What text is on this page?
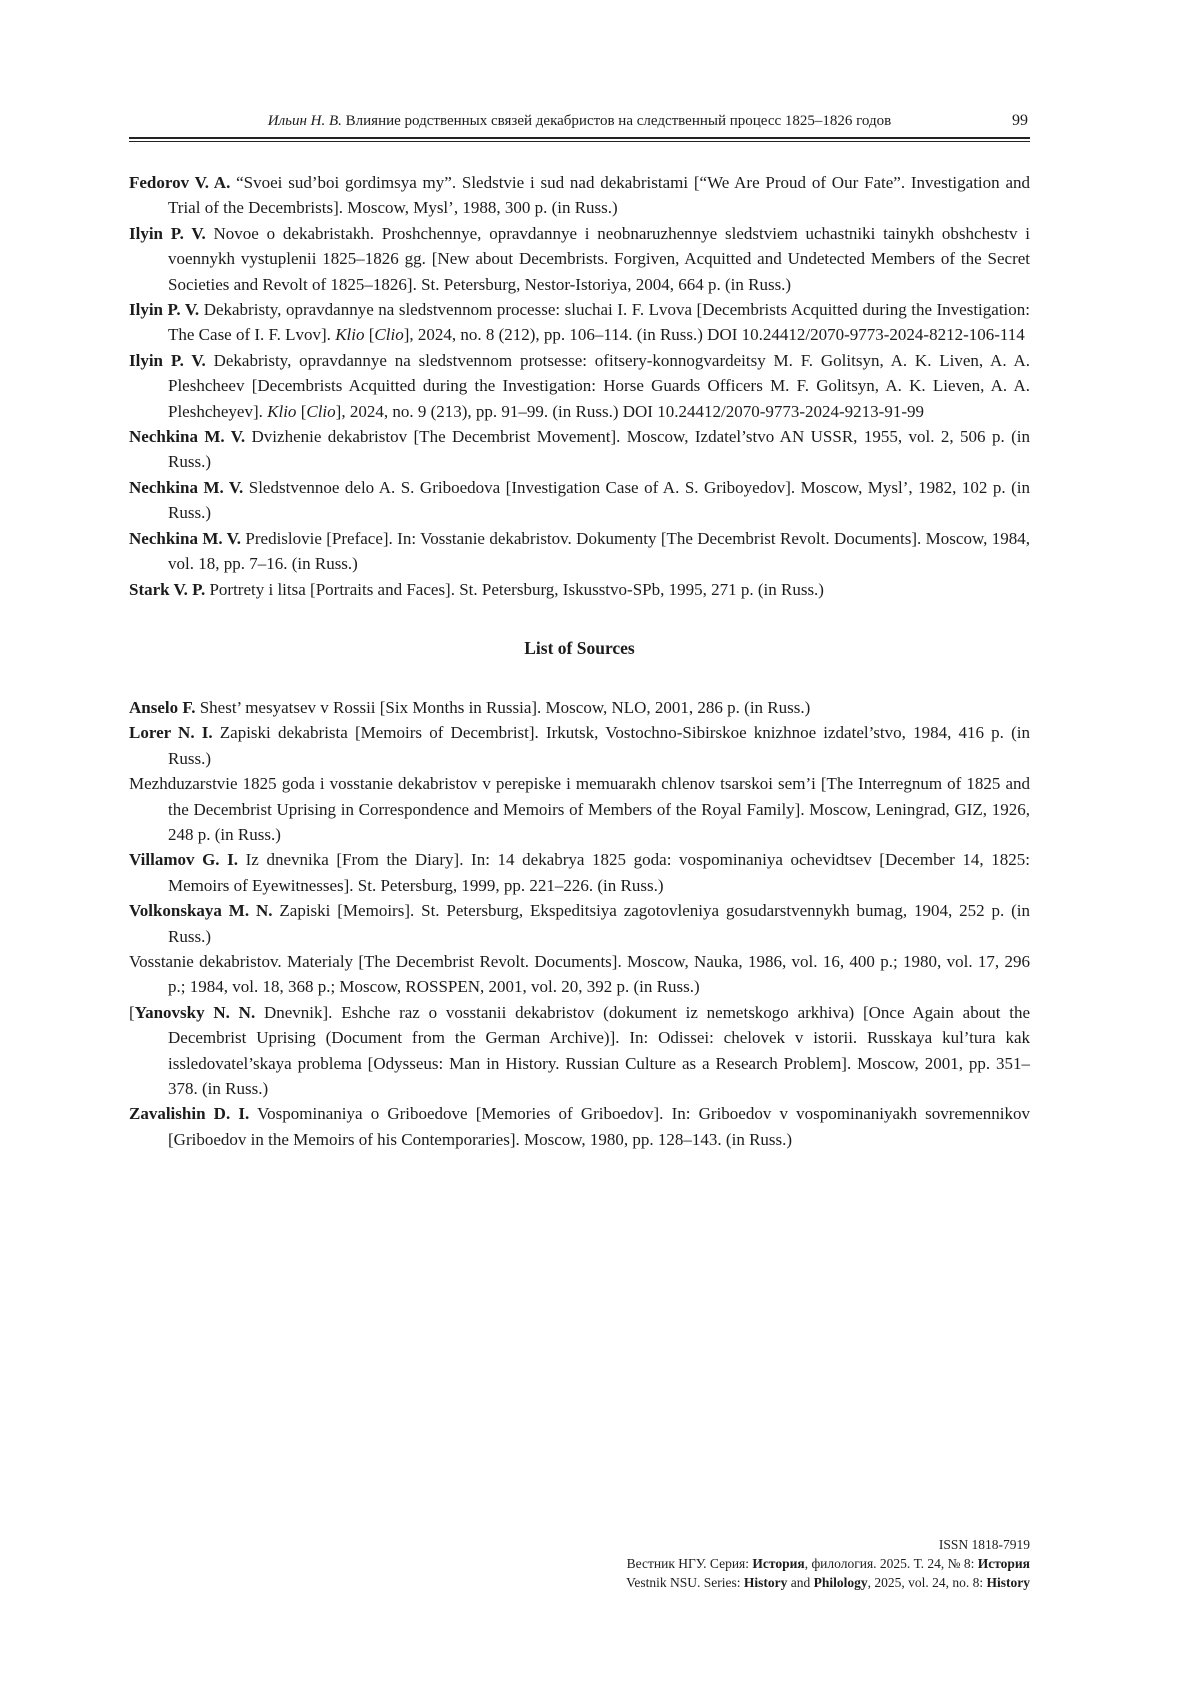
Ильин Н. В. Влияние родственных связей декабристов на следственный процесс 1825–1826 годов	99

Fedorov V. A. “Svoei sud’boi gordimsya my”. Sledstvie i sud nad dekabristami [“We Are Proud of Our Fate”. Investigation and Trial of the Decembrists]. Moscow, Mysl’, 1988, 300 p. (in Russ.)

Ilyin P. V. Novoe o dekabristakh. Proshchennye, opravdannye i neobnaruzhennye sledstviem uchastniki tainykh obshchestv i voennykh vystuplenii 1825–1826 gg. [New about Decembrists. Forgiven, Acquitted and Undetected Members of the Secret Societies and Revolt of 1825–1826]. St. Petersburg, Nestor-Istoriya, 2004, 664 p. (in Russ.)

Ilyin P. V. Dekabristy, opravdannye na sledstvennom processe: sluchai I. F. Lvova [Decembrists Acquitted during the Investigation: The Case of I. F. Lvov]. Klio [Clio], 2024, no. 8 (212), pp. 106–114. (in Russ.) DOI 10.24412/2070-9773-2024-8212-106-114

Ilyin P. V. Dekabristy, opravdannye na sledstvennom protsesse: ofitsery-konnogvardeitsy M. F. Golitsyn, A. K. Liven, A. A. Pleshcheev [Decembrists Acquitted during the Investigation: Horse Guards Officers M. F. Golitsyn, A. K. Lieven, A. A. Pleshcheyev]. Klio [Clio], 2024, no. 9 (213), pp. 91–99. (in Russ.) DOI 10.24412/2070-9773-2024-9213-91-99

Nechkina M. V. Dvizhenie dekabristov [The Decembrist Movement]. Moscow, Izdatel’stvo AN USSR, 1955, vol. 2, 506 p. (in Russ.)

Nechkina M. V. Sledstvennoe delo A. S. Griboedova [Investigation Case of A. S. Griboyedov]. Moscow, Mysl’, 1982, 102 p. (in Russ.)

Nechkina M. V. Predislovie [Preface]. In: Vosstanie dekabristov. Dokumenty [The Decembrist Revolt. Documents]. Moscow, 1984, vol. 18, pp. 7–16. (in Russ.)

Stark V. P. Portrety i litsa [Portraits and Faces]. St. Petersburg, Iskusstvo-SPb, 1995, 271 p. (in Russ.)

List of Sources

Anselo F. Shest’ mesyatsev v Rossii [Six Months in Russia]. Moscow, NLO, 2001, 286 p. (in Russ.)

Lorer N. I. Zapiski dekabrista [Memoirs of Decembrist]. Irkutsk, Vostochno-Sibirskoe knizhnoe izdatel’stvo, 1984, 416 p. (in Russ.)

Mezhduzarstvie 1825 goda i vosstanie dekabristov v perepiske i memuarakh chlenov tsarskoi sem’i [The Interregnum of 1825 and the Decembrist Uprising in Correspondence and Memoirs of Members of the Royal Family]. Moscow, Leningrad, GIZ, 1926, 248 p. (in Russ.)

Villamov G. I. Iz dnevnika [From the Diary]. In: 14 dekabrya 1825 goda: vospominaniya ochevidtsev [December 14, 1825: Memoirs of Eyewitnesses]. St. Petersburg, 1999, pp. 221–226. (in Russ.)

Volkonskaya M. N. Zapiski [Memoirs]. St. Petersburg, Ekspeditsiya zagotovleniya gosudarstvennykh bumag, 1904, 252 p. (in Russ.)

Vosstanie dekabristov. Materialy [The Decembrist Revolt. Documents]. Moscow, Nauka, 1986, vol. 16, 400 p.; 1980, vol. 17, 296 p.; 1984, vol. 18, 368 p.; Moscow, ROSSPEN, 2001, vol. 20, 392 p. (in Russ.)

[Yanovsky N. N. Dnevnik]. Eshche raz o vosstanii dekabristov (dokument iz nemetskogo arkhiva) [Once Again about the Decembrist Uprising (Document from the German Archive)]. In: Odissei: chelovek v istorii. Russkaya kul’tura kak issledovatel’skaya problema [Odysseus: Man in History. Russian Culture as a Research Problem]. Moscow, 2001, pp. 351–378. (in Russ.)

Zavalishin D. I. Vospominaniya o Griboedove [Memories of Griboedov]. In: Griboedov v vospominaniyakh sovremennikov [Griboedov in the Memoirs of his Contemporaries]. Moscow, 1980, pp. 128–143. (in Russ.)

ISSN 1818-7919
Вестник НГУ. Серия: История, филология. 2025. Т. 24, № 8: История
Vestnik NSU. Series: History and Philology, 2025, vol. 24, no. 8: History
